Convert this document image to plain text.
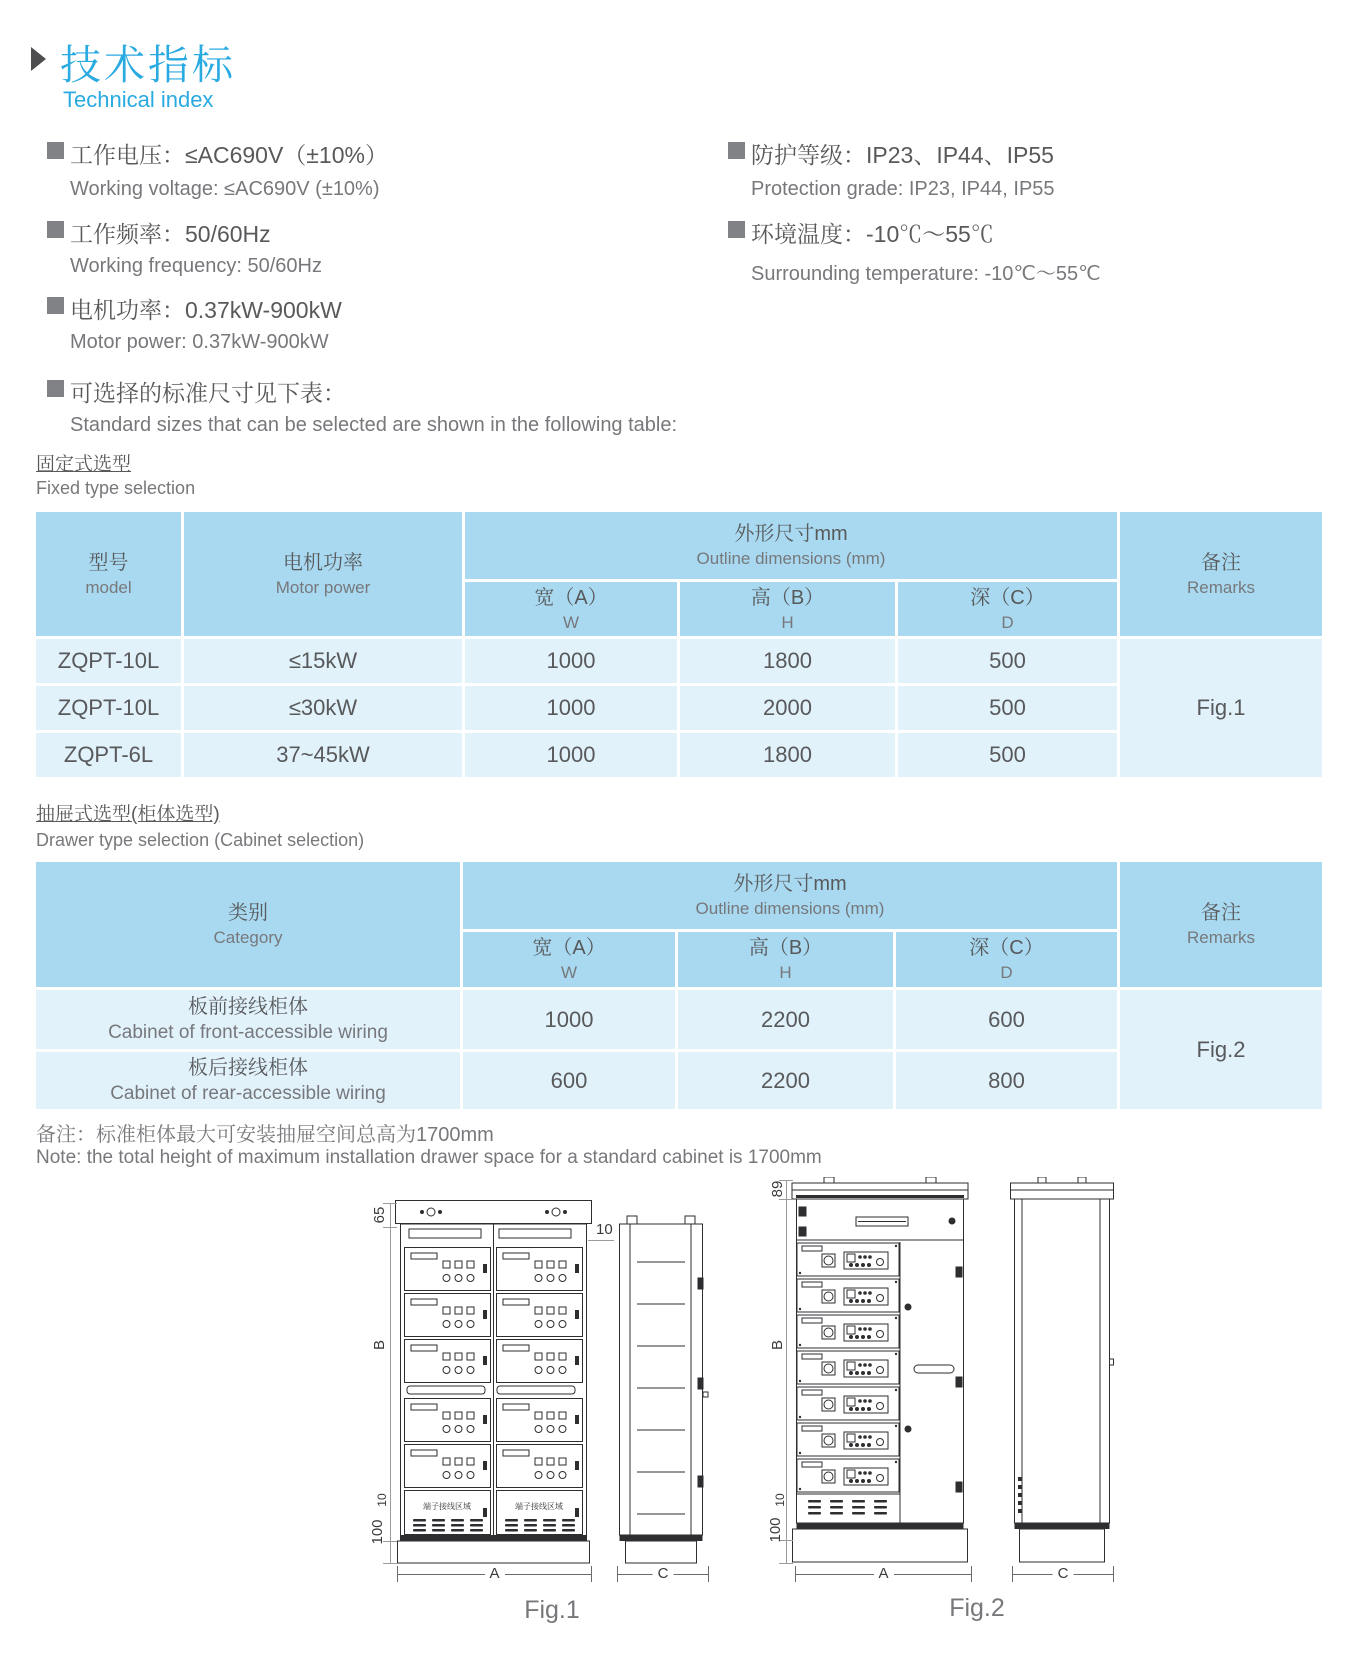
技术指标
Technical index
工作电压：≤AC690V（±10%）
Working voltage: ≤AC690V (±10%)
工作频率：50/60Hz
Working frequency: 50/60Hz
电机功率：0.37kW-900kW
Motor power: 0.37kW-900kW
可选择的标准尺寸见下表：
Standard sizes that can be selected are shown in the following table:
防护等级：IP23、IP44、IP55
Protection grade: IP23, IP44, IP55
环境温度：-10℃～55℃
Surrounding temperature: -10℃～55℃
固定式选型
Fixed type selection
型号
model

电机功率
Motor power

外形尺寸mm
Outline dimensions (mm)	备注
Remarks

宽（A）
W

高（B）
H

深（C）
D

ZQPT-10L	≤15kW	1000	1800	500	Fig.1
ZQPT-10L	≤30kW	1000	2000	500	
ZQPT-6L	37~45kW	1000	1800	500	
抽屉式选型(柜体选型)
Drawer type selection (Cabinet selection)
类别
Category

外形尺寸mm
Outline dimensions (mm)	备注
Remarks

宽（A）
W

高（B）
H

深（C）
D

板前接线柜体
Cabinet of front-accessible wiring	1000	2200	600	Fig.2

板后接线柜体
Cabinet of rear-accessible wiring	600	2200	800	
备注：标准柜体最大可安装抽屉空间总高为1700mm
Note: the total height of maximum installation drawer space for a standard cabinet is 1700mm
端子接线区域	端子接线区域
65
B
10
100
10
89
B
10
100
A	C	A	C
Fig.1	Fig.2
